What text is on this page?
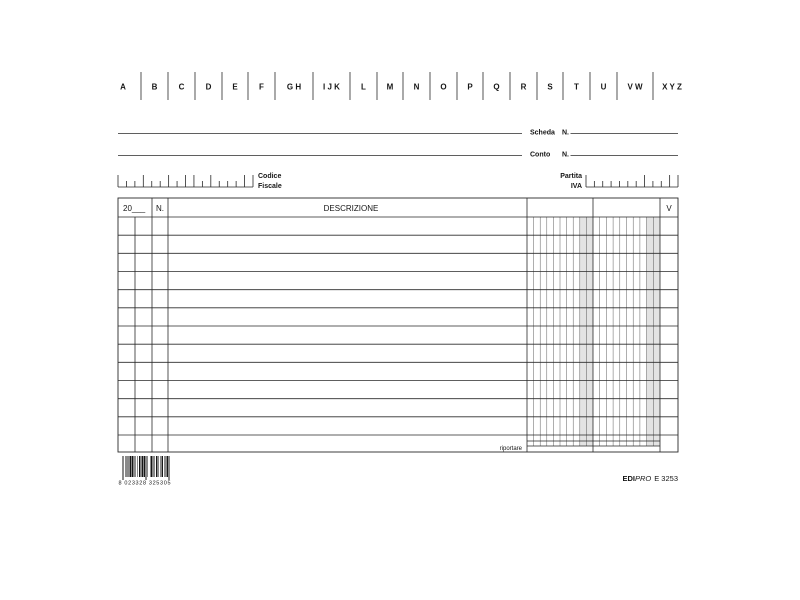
A	B	C	D	E	F	G H	I J K	L	M	N	O	P	Q	R	S	T	U	V W X Y Z
Scheda N.
Conto N.
Codice
Fiscale
Partita
IVA
20___ N.	DESCRIZIONE	V
riportare
8 023328 325305
EDIPRO E 3253
